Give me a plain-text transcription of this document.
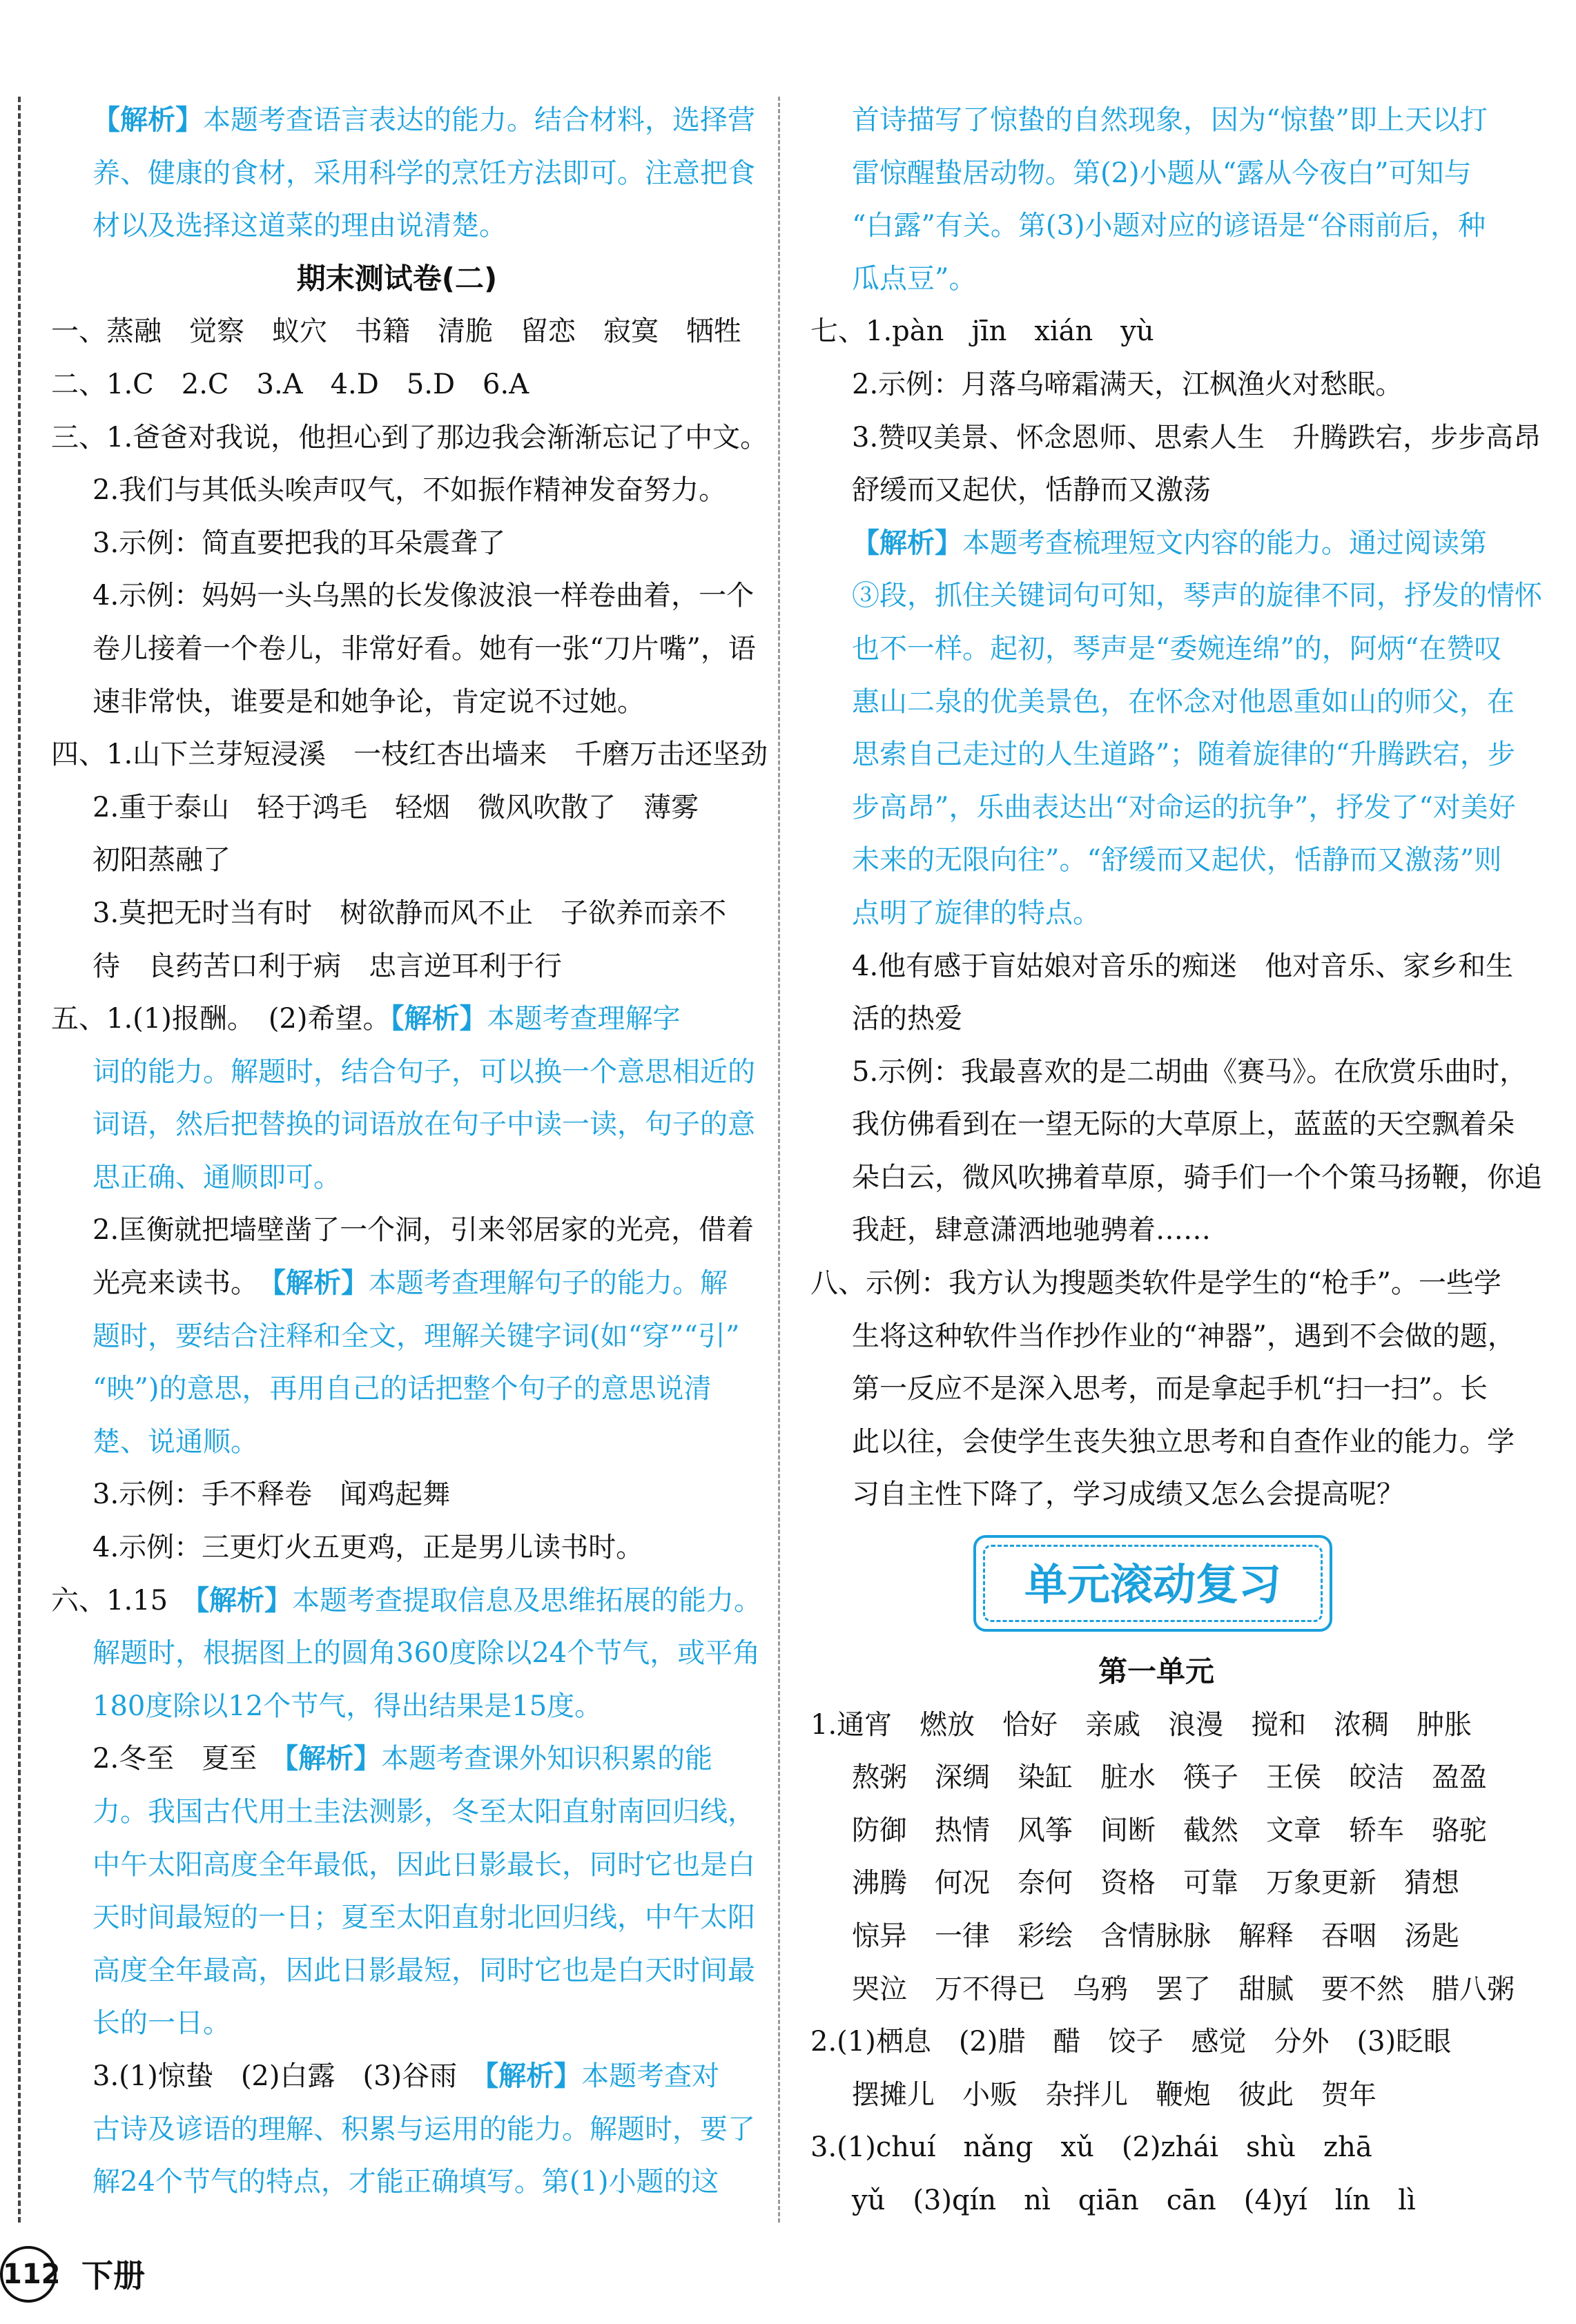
【解析】本题考查语言表达的能力。结合材料，选择营
养、健康的食材，采用科学的烹饪方法即可。注意把食
材以及选择这道菜的理由说清楚。
期末测试卷(二)
一、蒸融　觉察　蚁穴　书籍　清脆　留恋　寂寞　牺牲
二、1.C　2.C　3.A　4.D　5.D　6.A
三、1.爸爸对我说，他担心到了那边我会渐渐忘记了中文。
2.我们与其低头唉声叹气，不如振作精神发奋努力。
3.示例：简直要把我的耳朵震聋了
4.示例：妈妈一头乌黑的长发像波浪一样卷曲着，一个
卷儿接着一个卷儿，非常好看。她有一张“刀片嘴”，语
速非常快，谁要是和她争论，肯定说不过她。
四、1.山下兰芽短浸溪　一枝红杏出墙来　千磨万击还坚劲
2.重于泰山　轻于鸿毛　轻烟　微风吹散了　薄雾
初阳蒸融了
3.莫把无时当有时　树欲静而风不止　子欲养而亲不
待　良药苦口利于病　忠言逆耳利于行
五、1.(1)报酬。　(2)希望。【解析】本题考查理解字
词的能力。解题时，结合句子，可以换一个意思相近的
词语，然后把替换的词语放在句子中读一读，句子的意
思正确、通顺即可。
2.匡衡就把墙壁凿了一个洞，引来邻居家的光亮，借着
光亮来读书。　 【解析】本题考查理解句子的能力。解
题时，要结合注释和全文，理解关键字词(如“穿”“引”
“映”)的意思，再用自己的话把整个句子的意思说清
楚、说通顺。
3.示例：手不释卷　闻鸡起舞
4.示例：三更灯火五更鸡，正是男儿读书时。
六、1.15　 【解析】本题考查提取信息及思维拓展的能力。
解题时，根据图上的圆角360度除以24个节气，或平角
180度除以12个节气，得出结果是15度。
2.冬至　夏至　 【解析】本题考查课外知识积累的能
力。我国古代用土圭法测影，冬至太阳直射南回归线，
中午太阳高度全年最低，因此日影最长，同时它也是白
天时间最短的一日；夏至太阳直射北回归线，中午太阳
高度全年最高，因此日影最短，同时它也是白天时间最
长的一日。
3.(1)惊蛰　(2)白露　(3)谷雨　 【解析】本题考查对
古诗及谚语的理解、积累与运用的能力。解题时，要了
解24个节气的特点，才能正确填写。第(1)小题的这
首诗描写了惊蛰的自然现象，因为“惊蛰”即上天以打
雷惊醒蛰居动物。第(2)小题从“露从今夜白”可知与
“白露”有关。第(3)小题对应的谚语是“谷雨前后，种
瓜点豆”。
七、1.pàn　jīn　xián　yù
2.示例：月落乌啼霜满天，江枫渔火对愁眠。
3.赞叹美景、怀念恩师、思索人生　升腾跌宕，步步高昂
舒缓而又起伏，恬静而又激荡
【解析】本题考查梳理短文内容的能力。通过阅读第
③段，抓住关键词句可知，琴声的旋律不同，抒发的情怀
也不一样。起初，琴声是“委婉连绵”的，阿炳“在赞叹
惠山二泉的优美景色，在怀念对他恩重如山的师父，在
思索自己走过的人生道路”；随着旋律的“升腾跌宕，步
步高昂”，乐曲表达出“对命运的抗争”，抒发了“对美好
未来的无限向往”。“舒缓而又起伏，恬静而又激荡”则
点明了旋律的特点。
4.他有感于盲姑娘对音乐的痴迷　他对音乐、家乡和生
活的热爱
5.示例：我最喜欢的是二胡曲《赛马》。在欣赏乐曲时，
我仿佛看到在一望无际的大草原上，蓝蓝的天空飘着朵
朵白云，微风吹拂着草原，骑手们一个个策马扬鞭，你追
我赶，肆意潇洒地驰骋着……
八、示例：我方认为搜题类软件是学生的“枪手”。一些学
生将这种软件当作抄作业的“神器”，遇到不会做的题，
第一反应不是深入思考，而是拿起手机“扫一扫”。长
此以往，会使学生丧失独立思考和自查作业的能力。学
习自主性下降了，学习成绩又怎么会提高呢？
单元滚动复习
第一单元
1.通宵　燃放　恰好　亲戚　浪漫　搅和　浓稠　肿胀
熬粥　深绸　染缸　脏水　筷子　王侯　皎洁　盈盈
防御　热情　风筝　间断　截然　文章　轿车　骆驼
沸腾　何况　奈何　资格　可靠　万象更新　猜想
惊异　一律　彩绘　含情脉脉　解释　吞咽　汤匙
哭泣　万不得已　乌鸦　罢了　甜腻　要不然　腊八粥
2.(1)栖息　(2)腊　醋　饺子　感觉　分外　(3)眨眼
摆摊儿　小贩　杂拌儿　鞭炮　彼此　贺年
3.(1)chuí　nǎng　xǔ　(2)zhái　shù　zhā
yǔ　(3)qín　nì　qiān　cān　(4)yí　lín　lì
112 下册
